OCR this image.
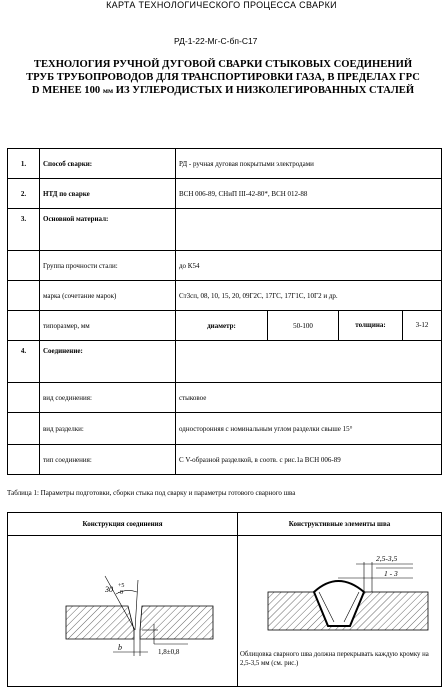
КАРТА ТЕХНОЛОГИЧЕСКОГО ПРОЦЕССА СВАРКИ
РД-1-22-Мг-С-бп-С17
ТЕХНОЛОГИЯ РУЧНОЙ ДУГОВОЙ СВАРКИ СТЫКОВЫХ СОЕДИНЕНИЙ
ТРУБ ТРУБОПРОВОДОВ ДЛЯ ТРАНСПОРТИРОВКИ ГАЗА, В ПРЕДЕЛАХ ГРС
D МЕНЕЕ 100 мм ИЗ УГЛЕРОДИСТЫХ И НИЗКОЛЕГИРОВАННЫХ СТАЛЕЙ
1.	Способ сварки:	РД - ручная дуговая покрытыми электродами		
2.	НТД по сварке	ВСН 006-89, СНиП III-42-80*, ВСН 012-88		
3.	Основной материал:			
	Группа прочности стали:	до К54		
	марка (сочетание марок)	Ст3сп, 08, 10, 15, 20, 09Г2С, 17ГС, 17Г1С, 10Г2 и др.		
	типоразмер, мм	диаметр:	50-100	толщина: 3-12

4.	Соединение:			
	вид соединения:	стыковое		
	вид разделки:	односторонняя с номинальным углом разделки свыше 15°		
	тип соединения:	С V-образной разделкой, в соотв. с рис.1а ВСН 006-89		
Таблица 1: Параметры подготовки, сборки стыка под сварку и параметры готового сварного шва
Конструкция соединения	Конструктивные элементы шва

30 +5
-0
b 1,8±0,8	2,5-3,5
1 - 3
Облицовка сварного шва должна перекрывать каждую кромку на 2,5-3,5 мм (см. рис.)
